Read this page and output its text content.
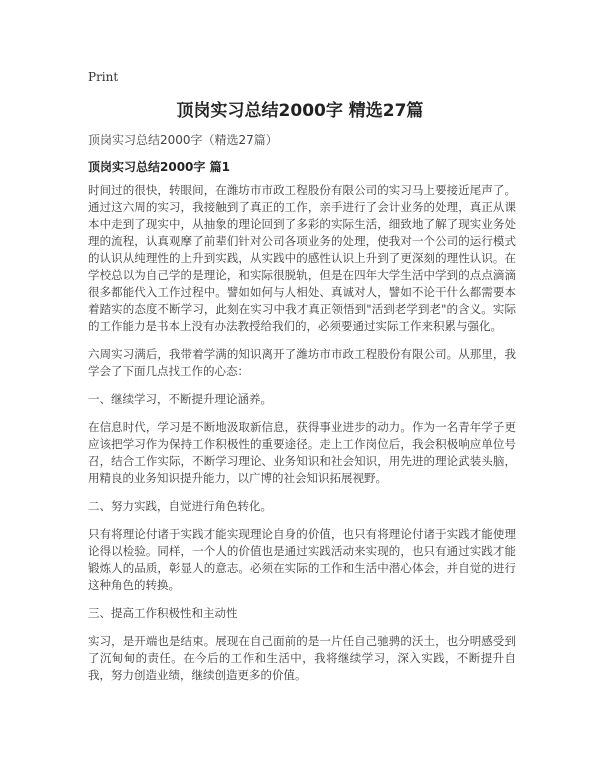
Print
顶岗实习总结2000字 精选27篇

顶岗实习总结2000字（精选27篇）

顶岗实习总结2000字 篇1

时间过的很快，转眼间，在潍坊市市政工程股份有限公司的实习马上要接近尾声了。通过这六周的实习，我接触到了真正的工作，亲手进行了会计业务的处理，真正从课本中走到了现实中，从抽象的理论回到了多彩的实际生活，细致地了解了现实业务处理的流程，认真观摩了前辈们针对公司各项业务的处理，使我对一个公司的运行模式的认识从纯理性的上升到实践，从实践中的感性认识上升到了更深刻的理性认识。在学校总以为自己学的是理论，和实际很脱轨，但是在四年大学生活中学到的点点滴滴很多都能代入工作过程中。譬如如何与人相处、真诚对人，譬如不论干什么都需要本着踏实的态度不断学习，此刻在实习中我才真正领悟到"活到老学到老"的含义。实际的工作能力是书本上没有办法教授给我们的，必须要通过实际工作来积累与强化。

六周实习满后，我带着学满的知识离开了潍坊市市政工程股份有限公司。从那里，我学会了下面几点找工作的心态：

一、继续学习，不断提升理论涵养。

在信息时代，学习是不断地汲取新信息，获得事业进步的动力。作为一名青年学子更应该把学习作为保持工作积极性的重要途径。走上工作岗位后，我会积极响应单位号召，结合工作实际，不断学习理论、业务知识和社会知识，用先进的理论武装头脑，用精良的业务知识提升能力，以广博的社会知识拓展视野。

二、努力实践，自觉进行角色转化。

只有将理论付诸于实践才能实现理论自身的价值，也只有将理论付诸于实践才能使理论得以检验。同样，一个人的价值也是通过实践活动来实现的，也只有通过实践才能锻炼人的品质，彰显人的意志。必须在实际的工作和生活中潜心体会，并自觉的进行这种角色的转换。

三、提高工作积极性和主动性

实习，是开端也是结束。展现在自己面前的是一片任自己驰骋的沃土，也分明感受到了沉甸甸的责任。在今后的工作和生活中，我将继续学习，深入实践，不断提升自我，努力创造业绩，继续创造更多的价值。
